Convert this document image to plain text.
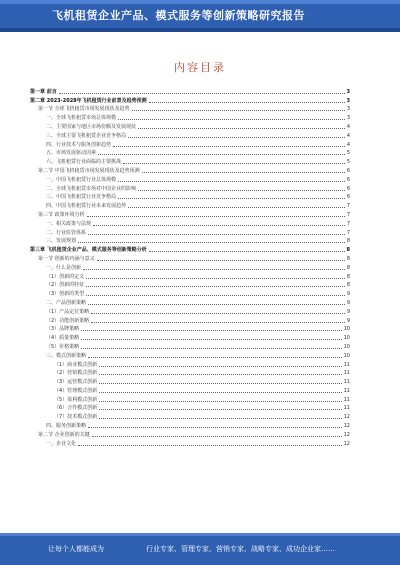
飞机租赁企业产品、模式服务等创新策略研究报告
内容目录
第一章 前言	3
第二章 2023-2028年飞机租赁行业前景及趋势预测	3
第一节 全球飞机租赁市场发展现状及趋势	3
一、全球飞机租赁市场总体规模	3
二、主要国家与地区市场份额及发展现状	4
三、全球主要飞机租赁企业竞争格局	4
四、行业技术与服务创新趋势	4
五、市场发展驱动因素	5
六、飞机租赁行业面临的主要挑战	5
第二节 中国飞机租赁市场发展现状及趋势预测	6
一、中国飞机租赁行业总体规模	6
二、全球飞机租赁市场对中国企业的影响	6
三、中国飞机租赁行业竞争格局	6
四、中国飞机租赁行业未来发展趋势	7
第三节 政策环境分析	7
一、相关政策与法规	7
二、行业监管体系	7
三、发展规划	8
第三章 飞机租赁企业产品、模式服务等创新策略分析	8
第一节 创新的内涵与意义	8
一、什么是创新	8
（1）创新的定义	8
（2）创新的特征	8
（3）创新的类型	9
二、产品创新策略	9
（1）产品定位策略	9
（2）功能创新策略	9
（3）品牌策略	10
（4）质量策略	10
（5）价格策略	10
三、模式创新策略	10
（1）商业模式创新	11
（2）营销模式创新	11
（3）运营模式创新	11
（4）管理模式创新	11
（5）盈利模式创新	11
（6）合作模式创新	11
（7）技术模式创新	12
四、服务创新策略	12
第二节 企业创新的关键	12
一、企业文化	12
让每个人都能成为	行业专家、管理专家、营销专家、战略专家、成功企业家……
